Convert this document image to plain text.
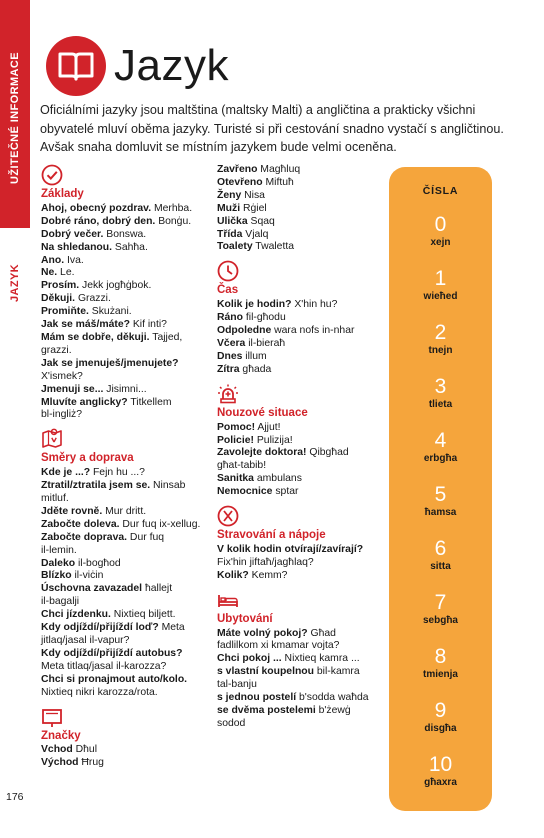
UŽITEČNÉ INFORMACE
JAZYK
Jazyk
Oficiálními jazyky jsou maltština (maltsky Malti) a angličtina a prakticky všichni obyvatelé mluví oběma jazyky. Turisté si při cestování snadno vystačí s angličtinou. Avšak snaha domluvit se místním jazykem bude velmi oceněna.
Základy
Ahoj, obecný pozdrav. Merhba.
Dobré ráno, dobrý den. Bonġu.
Dobrý večer. Bonswa.
Na shledanou. Sahħa.
Ano. Iva.
Ne. Le.
Prosím. Jekk jogħġbok.
Děkuji. Grazzi.
Promiňte. Skużani.
Jak se máš/máte? Kif inti?
Mám se dobře, děkuji. Tajjed,
grazzi.
Jak se jmenuješ/jmenujete?
X'ismek?
Jmenuji se... Jisimni...
Mluvíte anglicky? Titkellem
bl-ingliż?
Směry a doprava
Kde je ...? Fejn hu ...?
Ztratil/ztratila jsem se. Ninsab
mitluf.
Jděte rovně. Mur dritt.
Zabočte doleva. Dur fuq ix-xellug.
Zabočte doprava. Dur fuq
il-lemin.
Daleko il-bogħod
Blízko il-viċin
Úschovna zavazadel ħallejt
il-bagalji
Chci jízdenku. Nixtieq biljett.
Kdy odjíždí/přijíždí loď? Meta
jitlaq/jasal il-vapur?
Kdy odjíždí/přijíždí autobus?
Meta titlaq/jasal il-karozza?
Chci si pronajmout auto/kolo.
Nixtieq nikri karozza/rota.
Značky
Vchod Dħul
Východ Ħrug
Zavřeno Magħluq
Otevřeno Miftuħ
Ženy Nisa
Muži Rġiel
Ulička Sqaq
Třída Vjalq
Toalety Twaletta
Čas
Kolik je hodin? X'hin hu?
Ráno fil-għodu
Odpoledne wara nofs in-nhar
Včera il-bieraħ
Dnes illum
Zítra għada
Nouzové situace
Pomoc! Ajjut!
Policie! Pulizija!
Zavolejte doktora! Qibgħad
għat-tabib!
Sanitka ambulans
Nemocnice sptar
Stravování a nápoje
V kolik hodin otvírají/zavírají?
Fix'hin jiftaħ/jagħlaq?
Kolik? Kemm?
Ubytování
Máte volný pokoj? Għad
fadlilkom xi kmamar vojta?
Chci pokoj ... Nixtieq kamra ...
s vlastní koupelnou bil-kamra
tal-banju
s jednou postelí b'sodda waħda
se dvěma postelemi b'żewġ
sodod
ČÍSLA
0
xejn
1
wieħed
2
tnejn
3
tlieta
4
erbgħa
5
ħamsa
6
sitta
7
sebgħa
8
tmienja
9
disgħa
10
għaxra
176
